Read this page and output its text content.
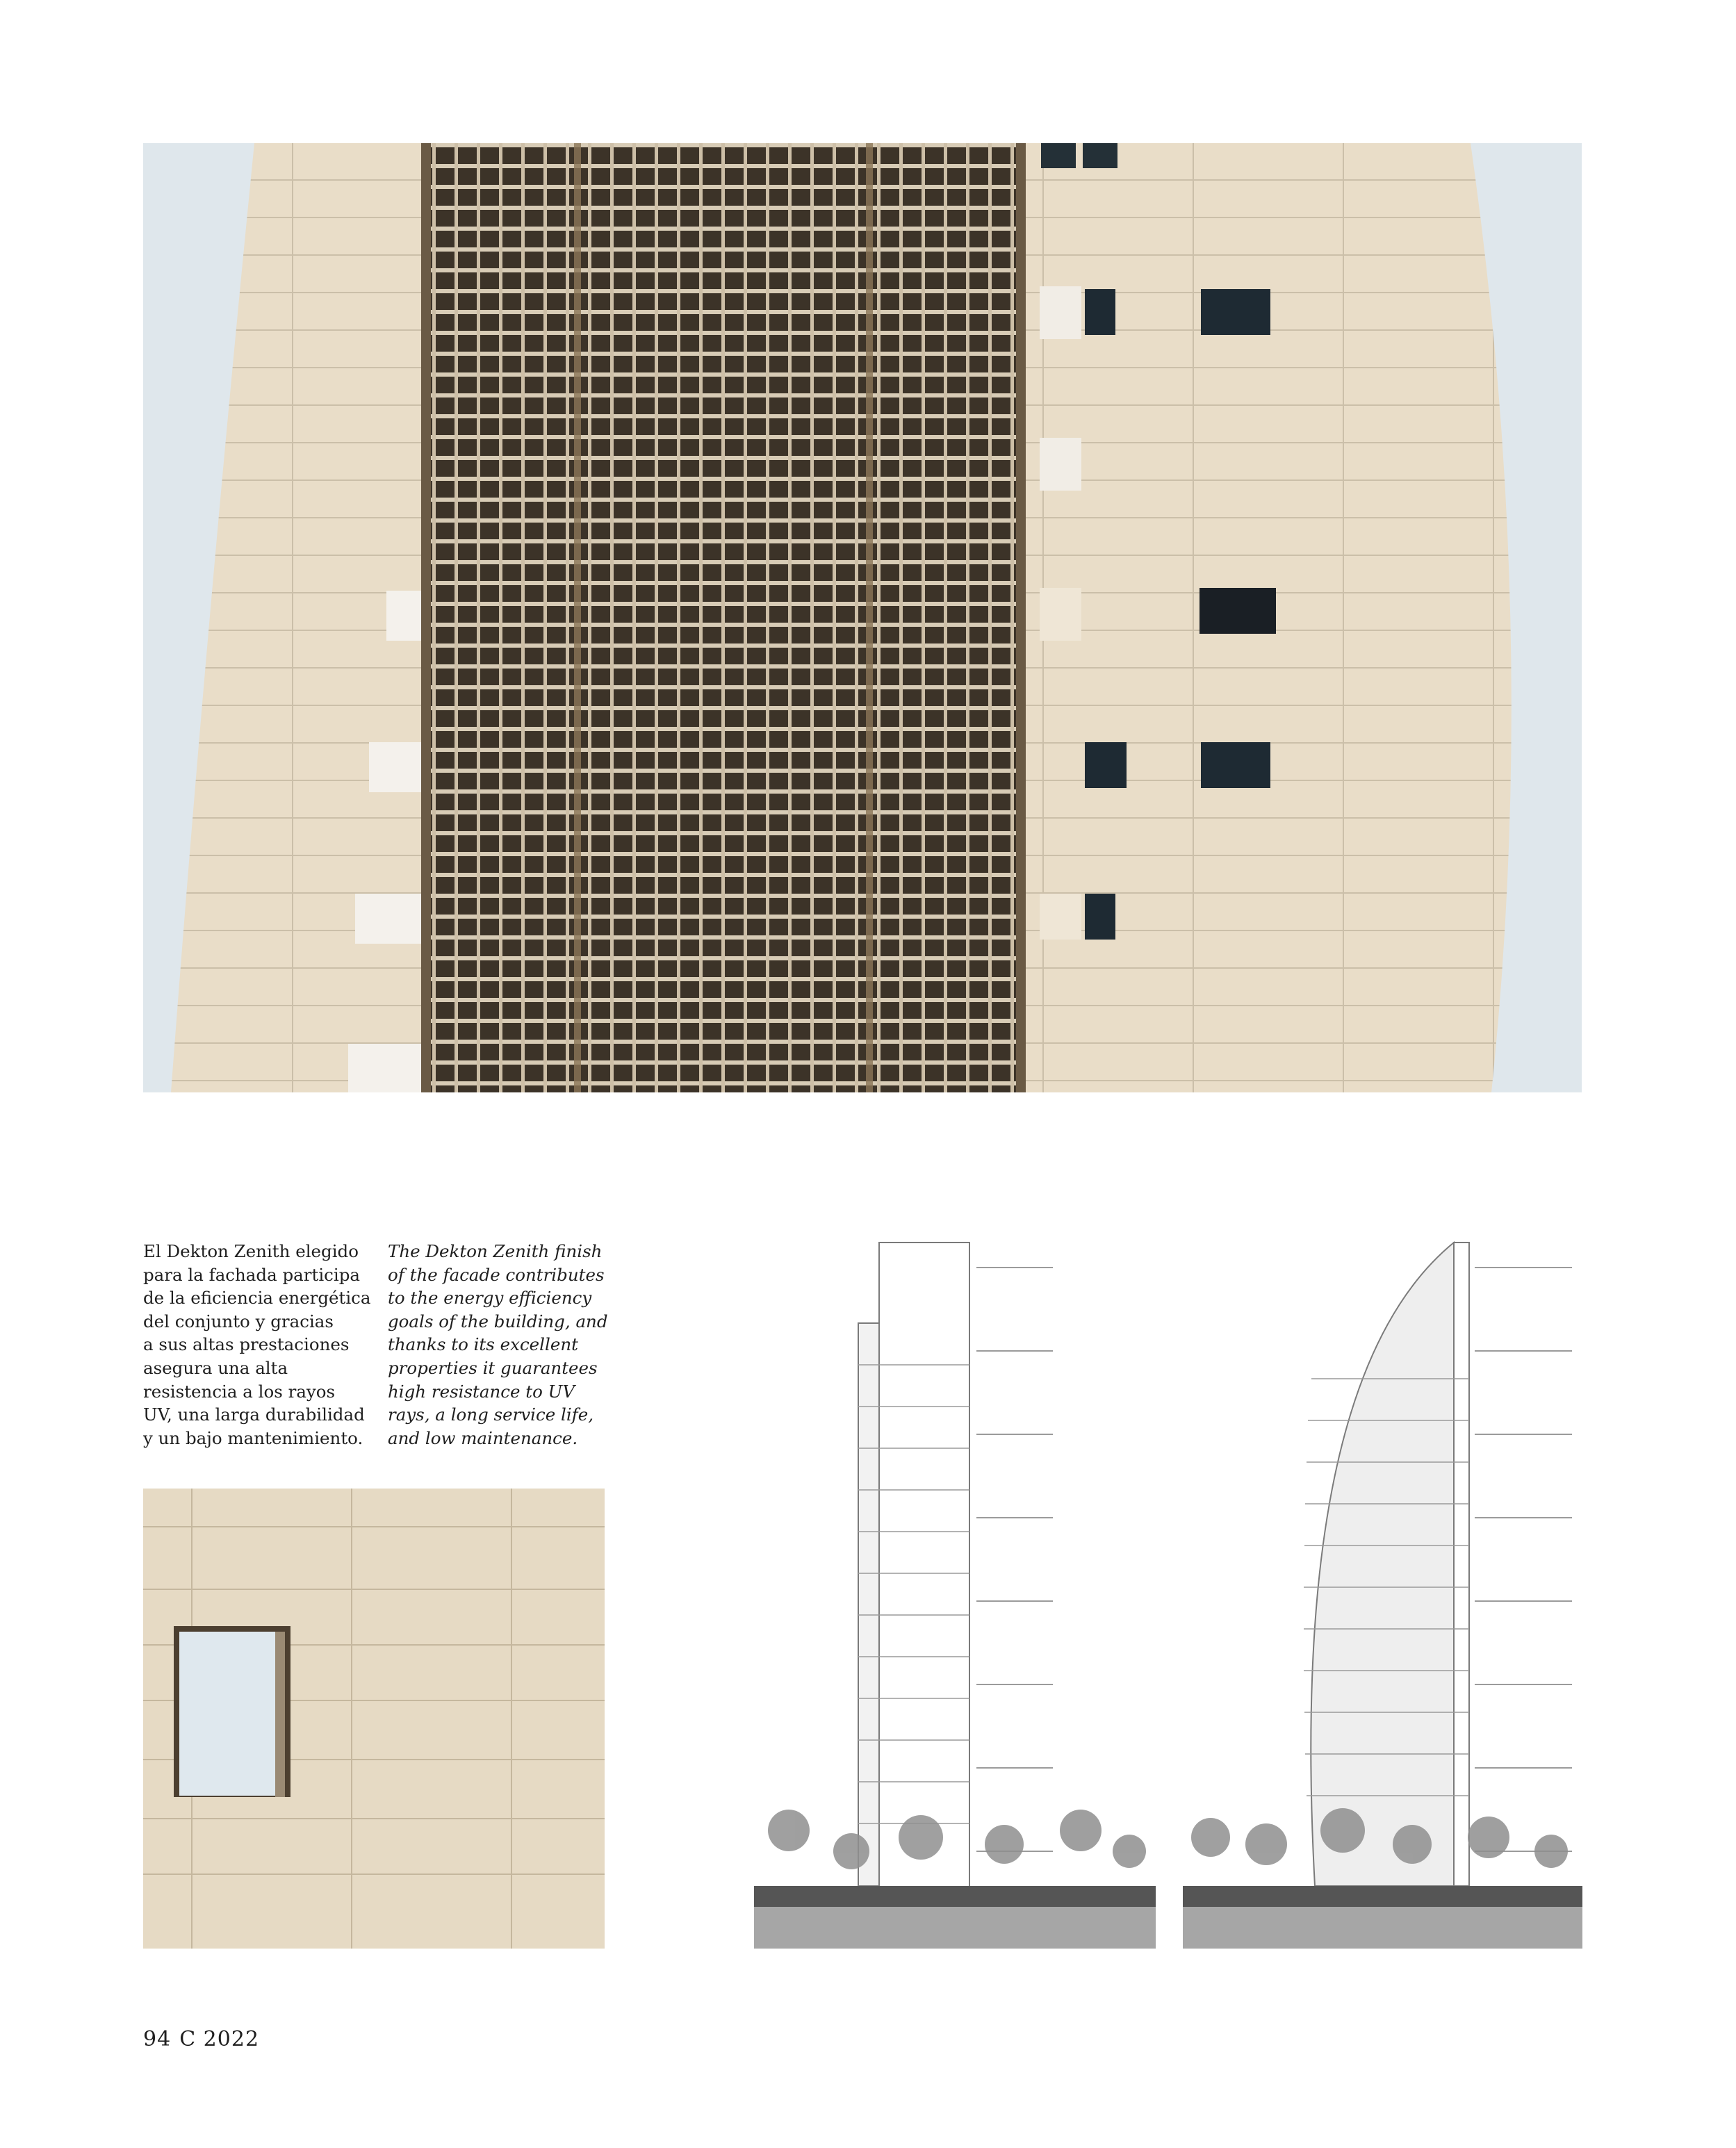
El Dekton Zenith elegido

para la fachada participa

de la eficiencia energética

del conjunto y gracias

a sus altas prestaciones

asegura una alta

resistencia a los rayos

UV, una larga durabilidad

y un bajo mantenimiento.

The Dekton Zenith finish

of the facade contributes

to the energy efficiency

goals of the building, and

thanks to its excellent

properties it guarantees

high resistance to UV

rays, a long service life,

and low maintenance.

94 C 2022
